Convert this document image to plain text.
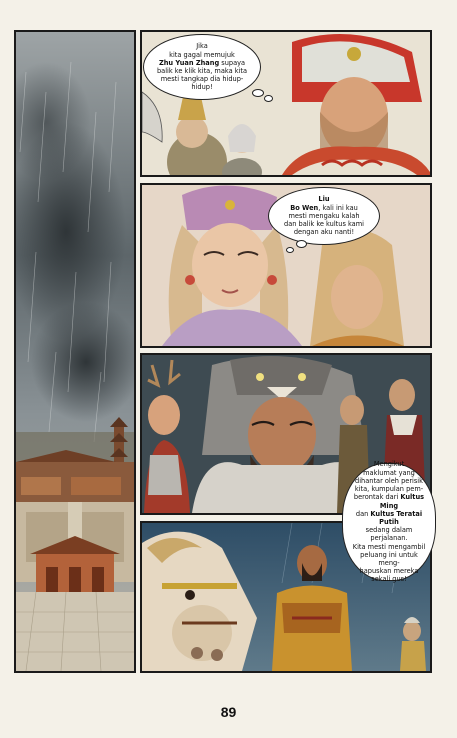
Jika
kita gagal memujuk
Zhu Yuan Zhang supaya
balik ke klik kita, maka kita
mesti tangkap dia hidup-
hidup!
Liu
Bo Wen, kali ini kau
mesti mengaku kalah
dan balik ke kultus kami
dengan aku nanti!
Mengikut
maklumat yang
dihantar oleh perisik
kita, kumpulan pem-
berontak dari Kultus Ming
dan Kultus Teratai Putih
sedang dalam perjalanan.
Kita mesti mengambil
peluang ini untuk meng-
hapuskan mereka
sekali gus!
89
